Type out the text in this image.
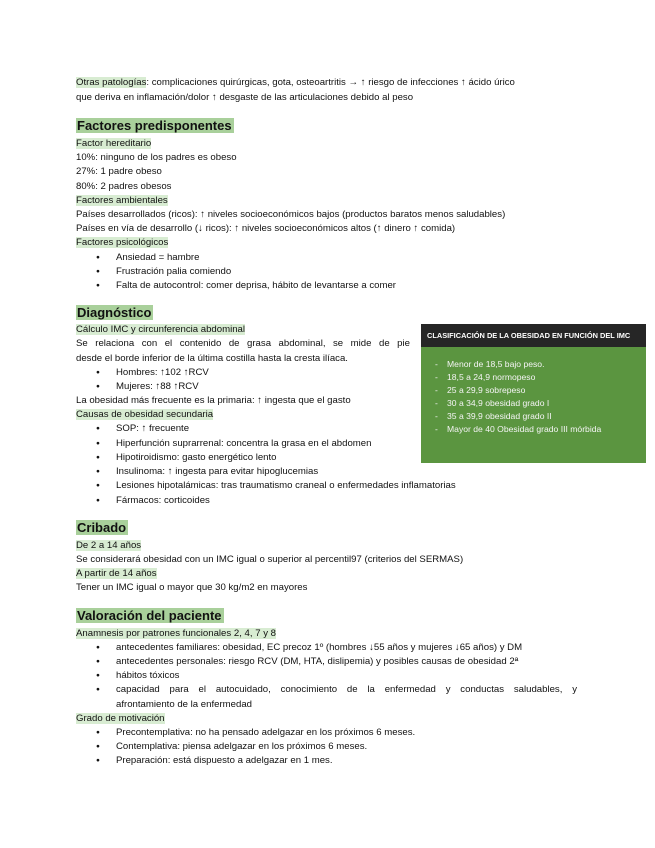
Otras patologías: complicaciones quirúrgicas, gota, osteoartritis → ↑ riesgo de infecciones ↑ ácido úrico
que deriva en inflamación/dolor ↑ desgaste de las articulaciones debido al peso
Factores predisponentes
Factor hereditario
10%: ninguno de los padres es obeso
27%: 1 padre obeso
80%: 2 padres obesos
Factores ambientales
Países desarrollados (ricos): ↑ niveles socioeconómicos bajos (productos baratos menos saludables)
Países en vía de desarrollo (↓ ricos): ↑ niveles socioeconómicos altos (↑ dinero ↑ comida)
Factores psicológicos
● Ansiedad = hambre
● Frustración palia comiendo
● Falta de autocontrol: comer deprisa, hábito de levantarse a comer
Diagnóstico
Cálculo IMC y circunferencia abdominal
Se relaciona con el contenido de grasa abdominal, se mide de pie
desde el borde inferior de la última costilla hasta la cresta ilíaca.
● Hombres: ↑102 ↑RCV
● Mujeres: ↑88 ↑RCV
La obesidad más frecuente es la primaria: ↑ ingesta que el gasto
Causas de obesidad secundaria
● SOP: ↑ frecuente
● Hiperfunción suprarrenal: concentra la grasa en el abdomen
● Hipotiroidismo: gasto energético lento
● Insulinoma: ↑ ingesta para evitar hipoglucemias
● Lesiones hipotalámicas: tras traumatismo craneal o enfermedades inflamatorias
● Fármacos: corticoides
CLASIFICACIÓN DE LA OBESIDAD EN FUNCIÓN DEL IMC
- Menor de 18,5 bajo peso.
- 18,5 a 24,9 normopeso
- 25 a 29,9 sobrepeso
- 30 a 34,9 obesidad grado I
- 35 a 39,9 obesidad grado II
- Mayor de 40 Obesidad grado III mórbida
Cribado
De 2 a 14 años
Se considerará obesidad con un IMC igual o superior al percentil97 (criterios del SERMAS)
A partir de 14 años
Tener un IMC igual o mayor que 30 kg/m2 en mayores
Valoración del paciente
Anamnesis por patrones funcionales 2, 4, 7 y 8
● antecedentes familiares: obesidad, EC precoz 1º (hombres ↓55 años y mujeres ↓65 años) y DM
● antecedentes personales: riesgo RCV (DM, HTA, dislipemia) y posibles causas de obesidad 2ª
● hábitos tóxicos
● capacidad para el autocuidado, conocimiento de la enfermedad y conductas saludables, y
afrontamiento de la enfermedad
Grado de motivación
● Precontemplativa: no ha pensado adelgazar en los próximos 6 meses.
● Contemplativa: piensa adelgazar en los próximos 6 meses.
● Preparación: está dispuesto a adelgazar en 1 mes.
